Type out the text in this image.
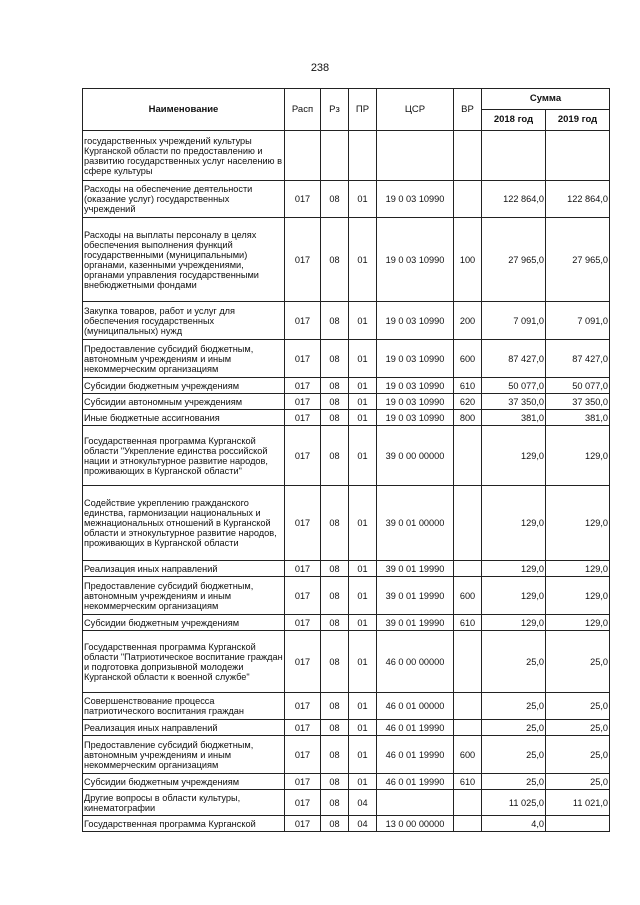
238
Наименование	Расп	Рз	ПР	ЦСР	ВР	Сумма	
						2018 год	2019 год
государственных учреждений культуры Курганской области по предоставлению и развитию государственных услуг населению в сфере культуры							
Расходы на обеспечение деятельности (оказание услуг) государственных учреждений	017	08	01	19 0 03 10990		122 864,0	122 864,0
Расходы на выплаты персоналу в целях обеспечения выполнения функций государственными (муниципальными) органами, казенными учреждениями, органами управления государственными внебюджетными фондами	017	08	01	19 0 03 10990	100	27 965,0	27 965,0
Закупка товаров, работ и услуг для обеспечения государственных (муниципальных) нужд	017	08	01	19 0 03 10990	200	7 091,0	7 091,0
Предоставление субсидий бюджетным, автономным учреждениям и иным некоммерческим организациям	017	08	01	19 0 03 10990	600	87 427,0	87 427,0
Субсидии бюджетным учреждениям	017	08	01	19 0 03 10990	610	50 077,0	50 077,0
Субсидии автономным учреждениям	017	08	01	19 0 03 10990	620	37 350,0	37 350,0
Иные бюджетные ассигнования	017	08	01	19 0 03 10990	800	381,0	381,0
Государственная программа Курганской области "Укрепление единства российской нации и этнокультурное развитие народов, проживающих в Курганской области"	017	08	01	39 0 00 00000		129,0	129,0
Содействие укреплению гражданского единства, гармонизации национальных и межнациональных отношений в Курганской области и этнокультурное развитие народов, проживающих в Курганской области	017	08	01	39 0 01 00000		129,0	129,0
Реализация иных направлений	017	08	01	39 0 01 19990		129,0	129,0
Предоставление субсидий бюджетным, автономным учреждениям и иным некоммерческим организациям	017	08	01	39 0 01 19990	600	129,0	129,0
Субсидии бюджетным учреждениям	017	08	01	39 0 01 19990	610	129,0	129,0
Государственная программа Курганской области "Патриотическое воспитание граждан и подготовка допризывной молодежи Курганской области к военной службе"	017	08	01	46 0 00 00000		25,0	25,0
Совершенствование процесса патриотического воспитания граждан	017	08	01	46 0 01 00000		25,0	25,0
Реализация иных направлений	017	08	01	46 0 01 19990		25,0	25,0
Предоставление субсидий бюджетным, автономным учреждениям и иным некоммерческим организациям	017	08	01	46 0 01 19990	600	25,0	25,0
Субсидии бюджетным учреждениям	017	08	01	46 0 01 19990	610	25,0	25,0
Другие вопросы в области культуры, кинематографии	017	08	04			11 025,0	11 021,0
Государственная программа Курганской	017	08	04	13 0 00 00000		4,0	
